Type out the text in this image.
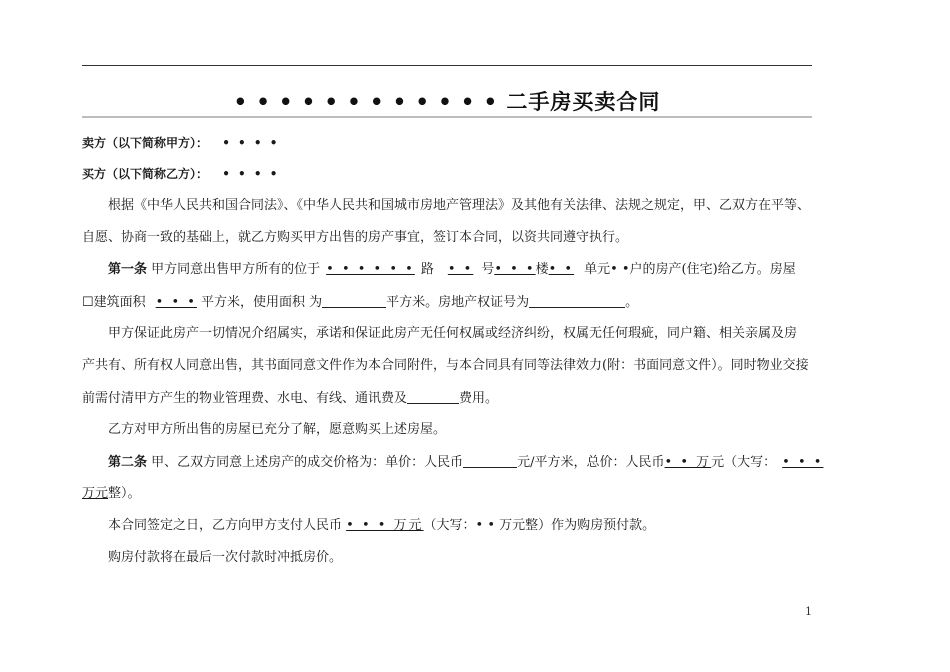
• • • • • • • • • • • • 二手房买卖合同
卖方（以下简称甲方）： • • • •
买方（以下简称乙方）： • • • •
根据《中华人民共和国合同法》、《中华人民共和国城市房地产管理法》及其他有关法律、法规之规定，甲、乙双方在平等、
自愿、协商一致的基础上，就乙方购买甲方出售的房产事宜，签订本合同，以资共同遵守执行。
第一条 甲方同意出售甲方所有的位于 • • • • • • 路 • • 号• • •楼• • 单元• •户的房产(住宅)给乙方。房屋
☐建筑面积 • • • 平方米，使用面积 为	平方米。房地产权证号为	。
甲方保证此房产一切情况介绍属实，承诺和保证此房产无任何权属或经济纠纷，权属无任何瑕疵，同户籍、相关亲属及房
产共有、所有权人同意出售，其书面同意文件作为本合同附件，与本合同具有同等法律效力(附：书面同意文件）。同时物业交接
前需付清甲方产生的物业管理费、水电、有线、通讯费及	费用。
乙方对甲方所出售的房屋已充分了解，愿意购买上述房屋。
第二条 甲、乙双方同意上述房产的成交价格为：单价：人民币	元/平方米，总价：人民币• • 万元（大写： • • •
万元整）。
本合同签定之日，乙方向甲方支付人民币 • • • 万元（大写：• • 万元整）作为购房预付款。
购房付款将在最后一次付款时冲抵房价。
1
